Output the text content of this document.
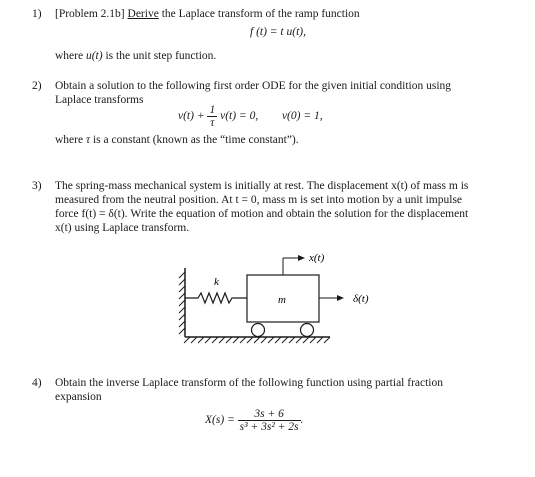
1) [Problem 2.1b] Derive the Laplace transform of the ramp function
f (t) = t u(t),
where u(t) is the unit step function.
2) Obtain a solution to the following first order ODE for the given initial condition using
Laplace transforms
$v(t) + \frac{1}{\tau} v(t) = 0$, v(0) = 1,
where τ is a constant (known as the “time constant”).
3) The spring-mass mechanical system is initially at rest. The displacement x(t) of mass m is
measured from the neutral position. At t = 0, mass m is set into motion by a unit impulse
force f(t) = δ(t). Write the equation of motion and obtain the solution for the displacement
x(t) using Laplace transform.
k
m
x(t)
δ(t)
4) Obtain the inverse Laplace transform of the following function using partial fraction
expansion
$X(s) = \frac{3s + 6}{\text{s³ + 3s² + 2s}}$ .
